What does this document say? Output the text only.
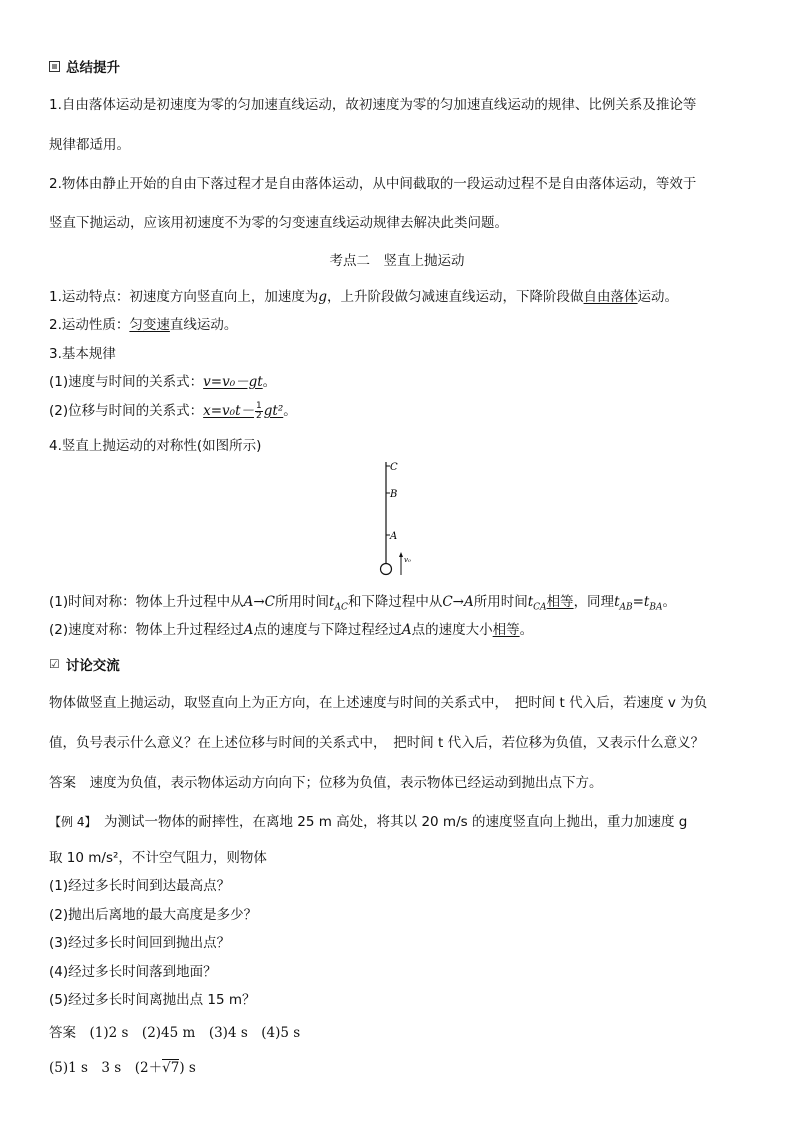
总结提升
1.自由落体运动是初速度为零的匀加速直线运动，故初速度为零的匀加速直线运动的规律、比例关系及推论等
规律都适用。
2.物体由静止开始的自由下落过程才是自由落体运动，从中间截取的一段运动过程不是自由落体运动，等效于
竖直下抛运动，应该用初速度不为零的匀变速直线运动规律去解决此类问题。
考点二　竖直上抛运动
1.运动特点：初速度方向竖直向上，加速度为g，上升阶段做匀减速直线运动，下降阶段做自由落体运动。
2.运动性质：匀变速直线运动。
3.基本规律
(1)速度与时间的关系式：v=v₀－gt。
(2)位移与时间的关系式：$x=v_0t- \frac{1}{2} gt^2$。
4.竖直上抛运动的对称性(如图所示)
C
B
A
v₀
(1)时间对称：物体上升过程中从A→C所用时间$t_{AC}$和下降过程中从C→A所用时间$t_{CA}$相等，同理$t_{AB}=t_{BA}$。
(2)速度对称：物体上升过程经过A点的速度与下降过程经过A点的速度大小相等。
☑ 讨论交流
物体做竖直上抛运动，取竖直向上为正方向，在上述速度与时间的关系式中，　把时间 t 代入后，若速度 v 为负
值，负号表示什么意义？在上述位移与时间的关系式中，　把时间 t 代入后，若位移为负值，又表示什么意义？
答案　速度为负值，表示物体运动方向向下；位移为负值，表示物体已经运动到抛出点下方。
【例 4】　为测试一物体的耐摔性，在离地 25 m 高处，将其以 20 m/s 的速度竖直向上抛出，重力加速度 g
取 10 m/s²，不计空气阻力，则物体
(1)经过多长时间到达最高点？
(2)抛出后离地的最大高度是多少？
(3)经过多长时间回到抛出点？
(4)经过多长时间落到地面？
(5)经过多长时间离抛出点 15 m？
答案　(1)2 s　(2)45 m　(3)4 s　(4)5 s
(5)1 s　3 s　(2＋√7) s
